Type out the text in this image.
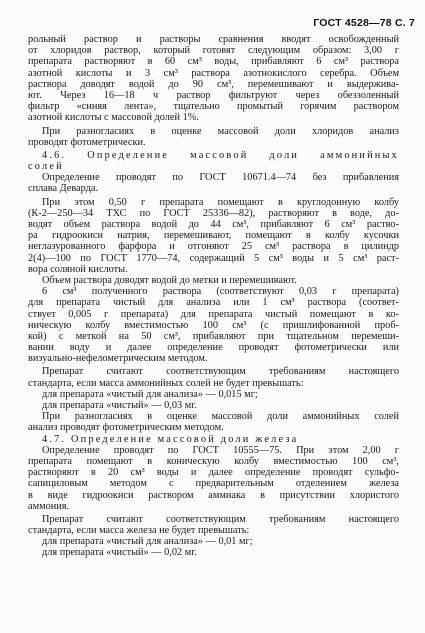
ГОСТ 4528—78 С. 7
рольный раствор и растворы сравнения вводят освобожденный
от хлоридов раствор, который готовят следующим образом: 3,00 г
препарата растворяют в 60 см³ воды, прибавляют 6 см³ раствора
азотной кислоты и 3 см³ раствора азотнокислого серебра. Объем
раствора доводят водой до 90 см³, перемешивают и выдержива-
ют. Через 16—18 ч раствор фильтруют через обеззоленный
фильтр «синяя лента», тщательно промытый горячим раствором
азотной кислоты с массовой долей 1%.
При разногласиях в оценке массовой доли хлоридов анализ
проводят фотометрически.
4.6. Определение массовой доли аммонийных
солей
Определение проводят по ГОСТ 10671.4—74 без прибавления
сплава Деварда.
При этом 0,50 г препарата помещают в круглодонную колбу
(К-2—250—34 ТХС по ГОСТ 25336—82), растворяют в воде, до-
водят объем раствора водой до 44 см³, прибавляют 6 см³ раство-
ра гидроокиси натрия, перемешивают, помещают в колбу кусочки
неглазурованного фарфора и отгоняют 25 см³ раствора в цилиндр
2(4)—100 по ГОСТ 1770—74, содержащий 5 см³ воды и 5 см³ раст-
вора соляной кислоты.
Объем раствора доводят водой до метки и перемешивают.
6 см³ полученного раствора (соответствуют 0,03 г препарата)
для препарата чистый для анализа или 1 см³ раствора (соответ-
ствует 0,005 г препарата) для препарата чистый помещают в ко-
ническую колбу вместимостью 100 см³ (с пришлифованной проб-
кой) с меткой на 50 см³, прибавляют при тщательном перемеши-
вании воду и далее определение проводят фотометрически или
визуально-нефелометрическим методом.
Препарат считают соответствующим требованиям настоящего
стандарта, если масса аммонийных солей не будет превышать:
для препарата «чистый для анализа» — 0,015 мг;
для препарата «чистый» — 0,03 мг.
При разногласиях в оценке массовой доли аммонийных солей
анализ проводят фотометрическим методом.
4.7. Определение массовой доли железа
Определение проводят по ГОСТ 10555—75. При этом 2,00 г
препарата помещают в коническую колбу вместимостью 100 см³,
растворяют в 20 см³ воды и далее определение проводят сульфо-
сапициловым методом с предварительным отделением железа
в виде гидроокиси раствором аммиака в присутствии хлористого
аммония.
Препарат считают соответствующим требованиям настоящего
стандарта, если масса железа не будет превышать:
для препарата «чистый для анализа» — 0,01 мг;
для препарата «чистый» — 0,02 мг.
